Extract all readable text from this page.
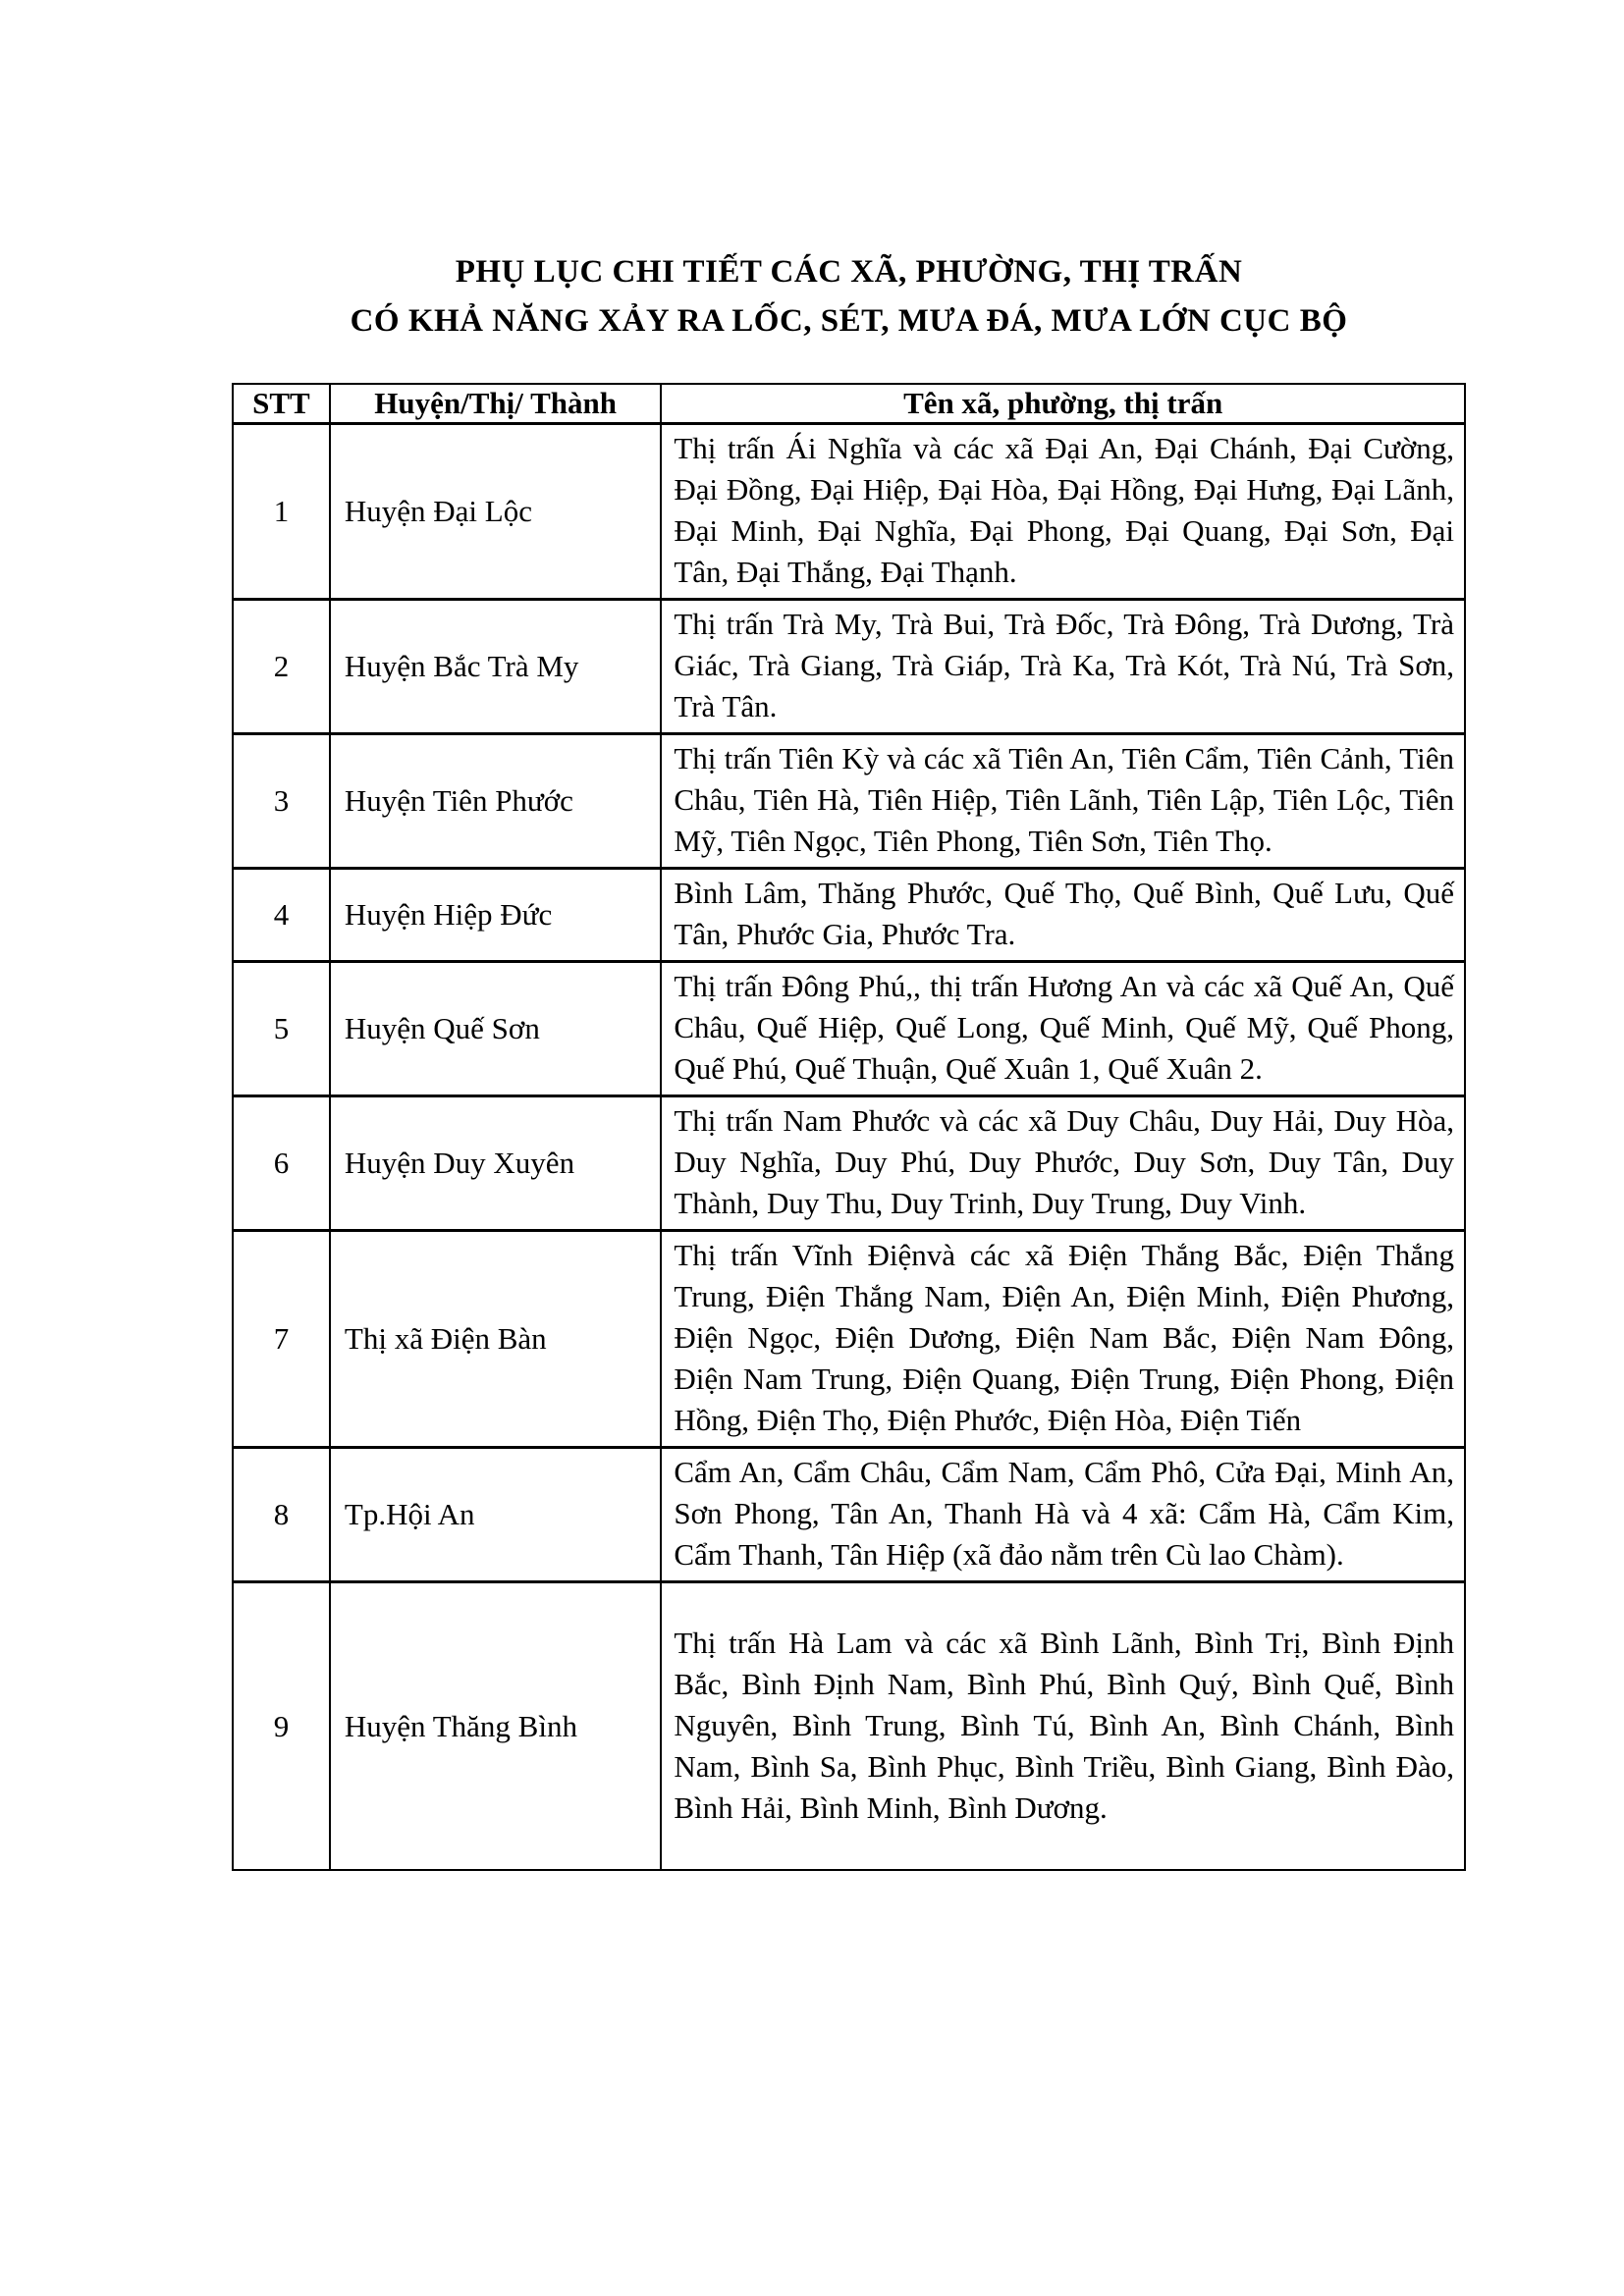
PHỤ LỤC CHI TIẾT CÁC XÃ, PHƯỜNG, THỊ TRẤN
CÓ KHẢ NĂNG XẢY RA LỐC, SÉT, MƯA ĐÁ, MƯA LỚN CỤC BỘ
STT	Huyện/Thị/ Thành	Tên xã, phường, thị trấn
1	Huyện Đại Lộc	Thị trấn Ái Nghĩa và các xã Đại An, Đại Chánh, Đại Cường, Đại Đồng, Đại Hiệp, Đại Hòa, Đại Hồng, Đại Hưng, Đại Lãnh, Đại Minh, Đại Nghĩa, Đại Phong, Đại Quang, Đại Sơn, Đại Tân, Đại Thắng, Đại Thạnh.
2	Huyện Bắc Trà My	Thị trấn Trà My, Trà Bui, Trà Đốc, Trà Đông, Trà Dương, Trà Giác, Trà Giang, Trà Giáp, Trà Ka, Trà Kót, Trà Nú, Trà Sơn, Trà Tân.
3	Huyện Tiên Phước	Thị trấn Tiên Kỳ và các xã Tiên An, Tiên Cẩm, Tiên Cảnh, Tiên Châu, Tiên Hà, Tiên Hiệp, Tiên Lãnh, Tiên Lập, Tiên Lộc, Tiên Mỹ, Tiên Ngọc, Tiên Phong, Tiên Sơn, Tiên Thọ.
4	Huyện Hiệp Đức	Bình Lâm, Thăng Phước, Quế Thọ, Quế Bình, Quế Lưu, Quế Tân, Phước Gia, Phước Tra.
5	Huyện Quế Sơn	Thị trấn Đông Phú,, thị trấn Hương An và các xã Quế An, Quế Châu, Quế Hiệp, Quế Long, Quế Minh, Quế Mỹ, Quế Phong, Quế Phú, Quế Thuận, Quế Xuân 1, Quế Xuân 2.
6	Huyện Duy Xuyên	Thị trấn Nam Phước và các xã Duy Châu, Duy Hải, Duy Hòa, Duy Nghĩa, Duy Phú, Duy Phước, Duy Sơn, Duy Tân, Duy Thành, Duy Thu, Duy Trinh, Duy Trung, Duy Vinh.
7	Thị xã Điện Bàn	Thị trấn Vĩnh Điệnvà các xã Điện Thắng Bắc, Điện Thắng Trung, Điện Thắng Nam, Điện An, Điện Minh, Điện Phương, Điện Ngọc, Điện Dương, Điện Nam Bắc, Điện Nam Đông, Điện Nam Trung, Điện Quang, Điện Trung, Điện Phong, Điện Hồng, Điện Thọ, Điện Phước, Điện Hòa, Điện Tiến
8	Tp.Hội An	Cẩm An, Cẩm Châu, Cẩm Nam, Cẩm Phô, Cửa Đại, Minh An, Sơn Phong, Tân An, Thanh Hà và 4 xã: Cẩm Hà, Cẩm Kim, Cẩm Thanh, Tân Hiệp (xã đảo nằm trên Cù lao Chàm).
9	Huyện Thăng Bình	Thị trấn Hà Lam và các xã Bình Lãnh, Bình Trị, Bình Định Bắc, Bình Định Nam, Bình Phú, Bình Quý, Bình Quế, Bình Nguyên, Bình Trung, Bình Tú, Bình An, Bình Chánh, Bình Nam, Bình Sa, Bình Phục, Bình Triều, Bình Giang, Bình Đào, Bình Hải, Bình Minh, Bình Dương.
